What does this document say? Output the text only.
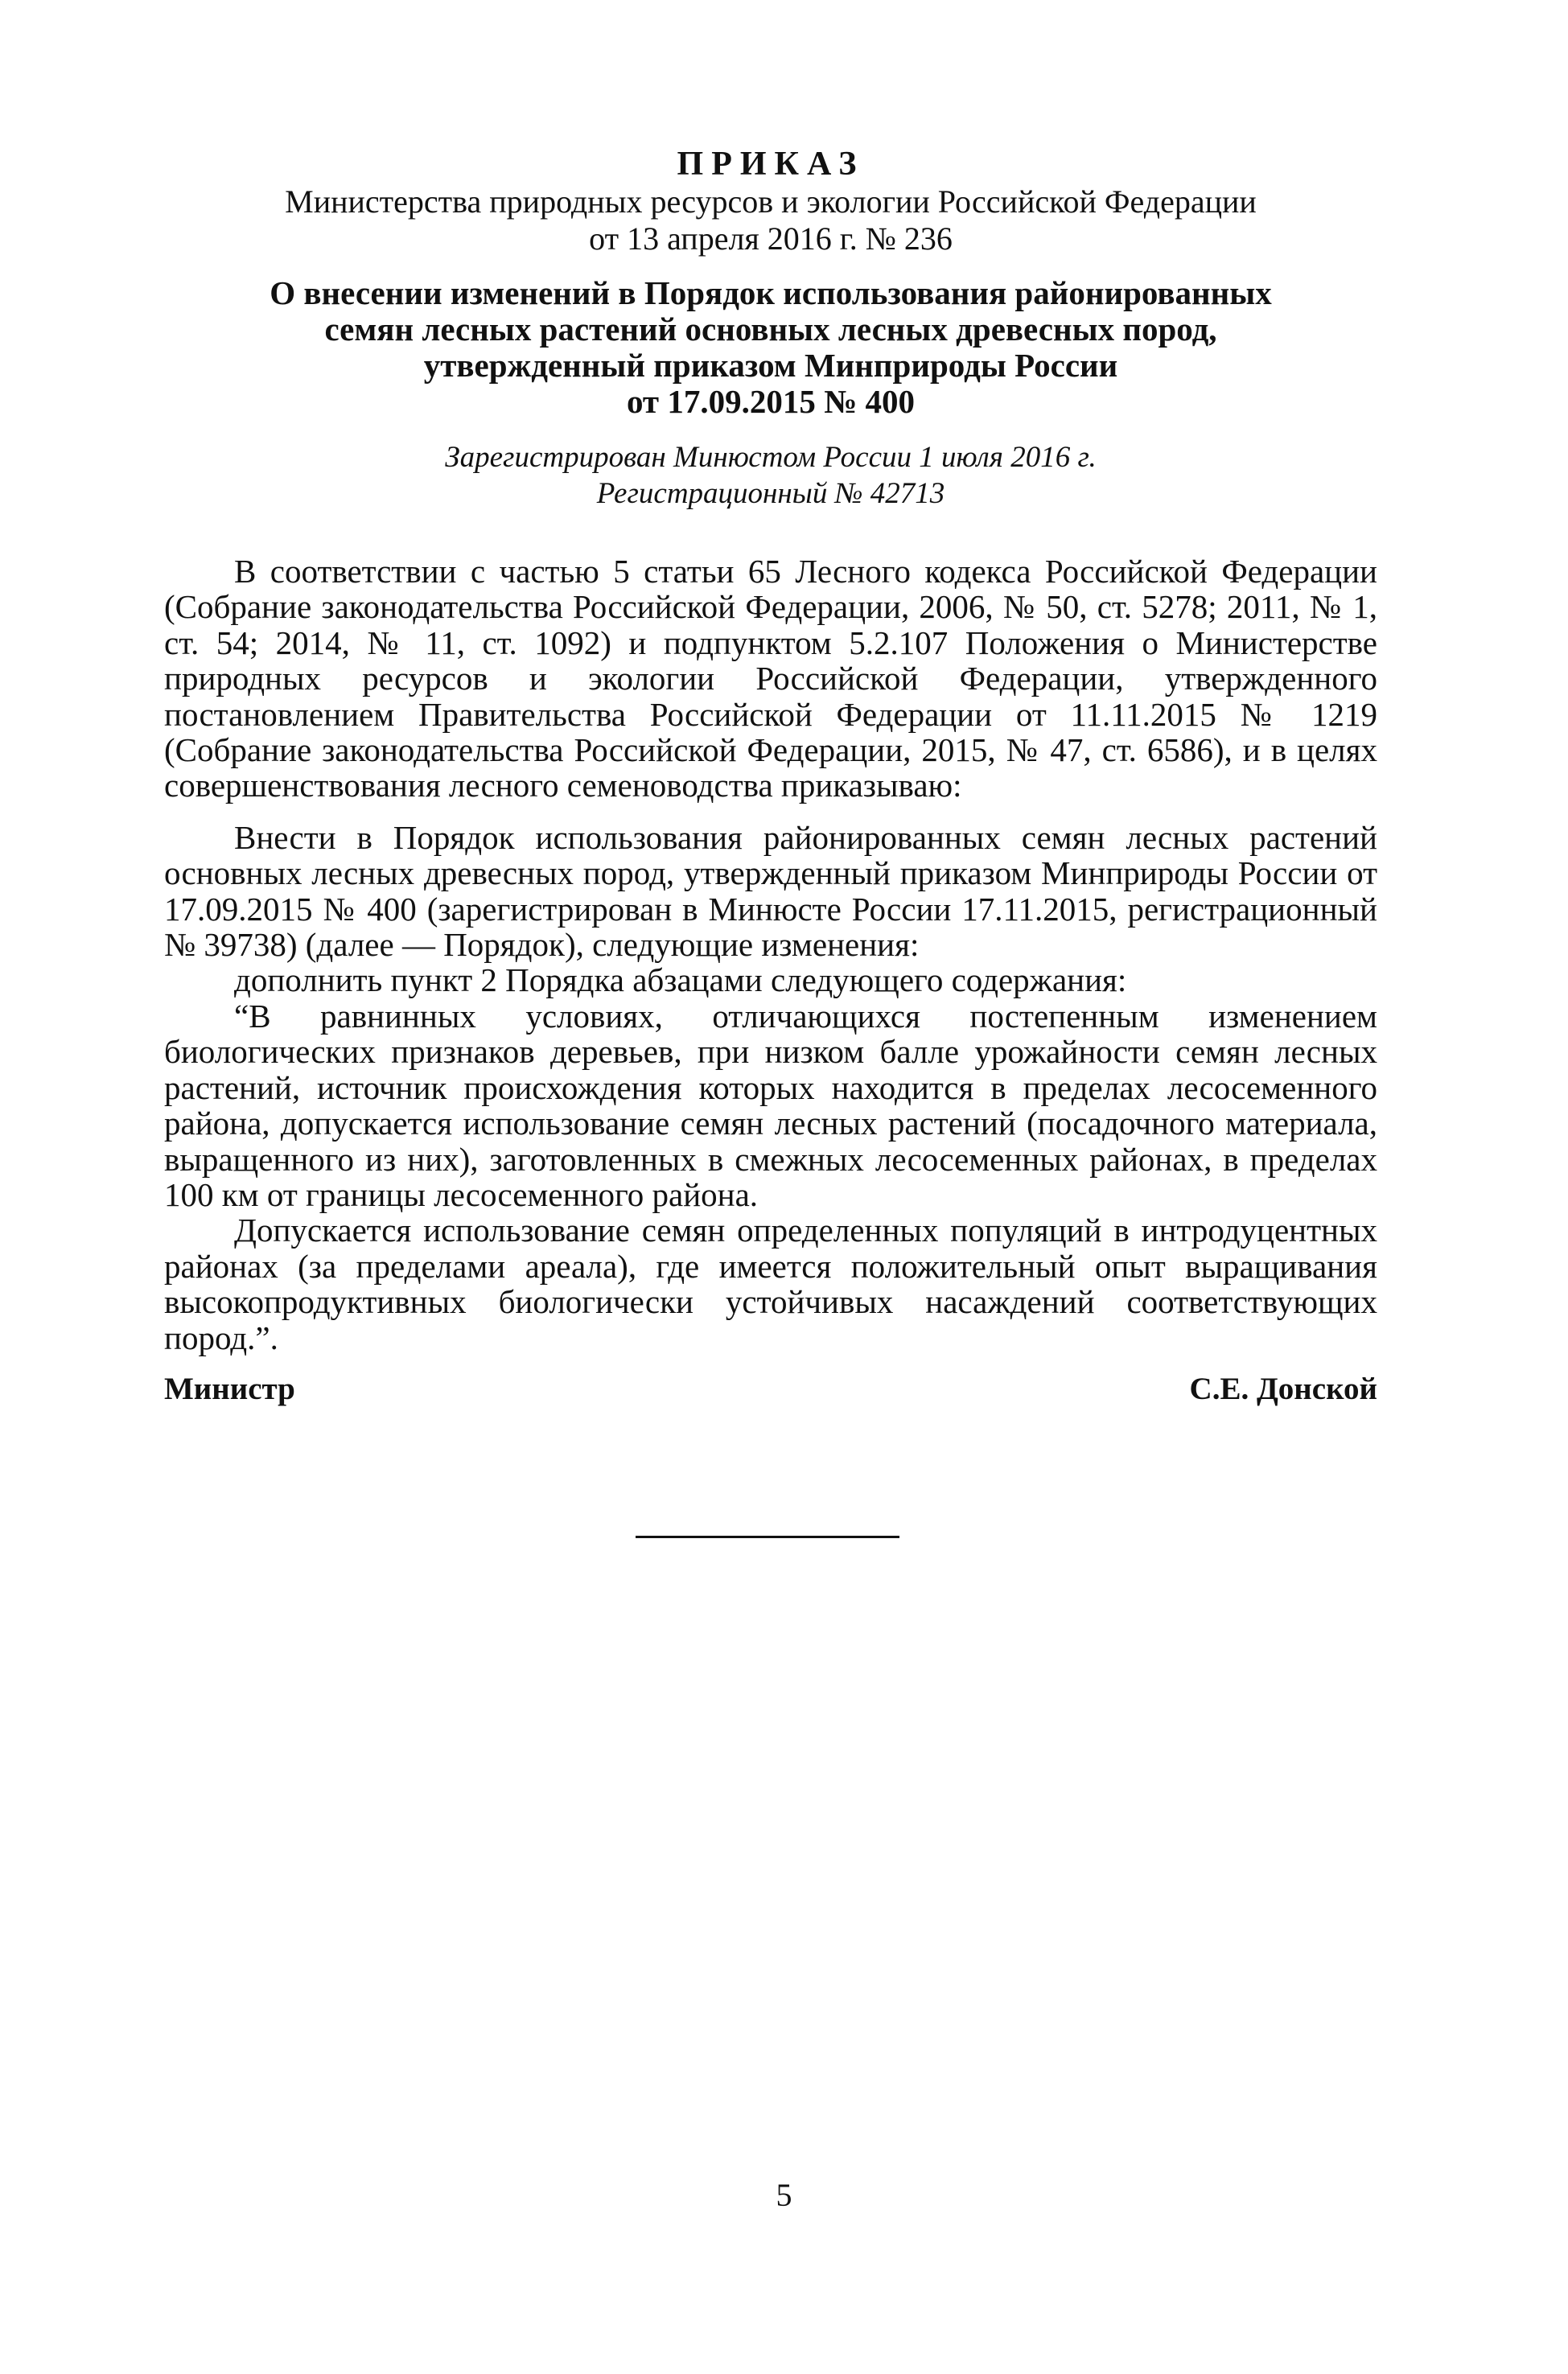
ПРИКАЗ

Министерства природных ресурсов и экологии Российской Федерации

от 13 апреля 2016 г. № 236

О внесении изменений в Порядок использования районированных
семян лесных растений основных лесных древесных пород,
утвержденный приказом Минприроды России
от 17.09.2015 № 400
Зарегистрирован Минюстом России 1 июля 2016 г.
Регистрационный № 42713

В соответствии с частью 5 статьи 65 Лесного кодекса Российской Федерации (Собрание законодательства Российской Федерации, 2006, № 50, ст. 5278; 2011, № 1, ст. 54; 2014, № 11, ст. 1092) и подпунктом 5.2.107 Положения о Министерстве природных ресурсов и экологии Российской Федерации, утвержденного постановлением Правительства Российской Федерации от 11.11.2015 № 1219 (Собрание законодательства Российской Федерации, 2015, № 47, ст. 6586), и в целях совершенствования лесного семеноводства приказываю:

Внести в Порядок использования районированных семян лесных растений основных лесных древесных пород, утвержденный приказом Минприроды России от 17.09.2015 № 400 (зарегистрирован в Минюсте России 17.11.2015, регистрационный № 39738) (далее — Порядок), следующие изменения:

дополнить пункт 2 Порядка абзацами следующего содержания:

“В равнинных условиях, отличающихся постепенным изменением биологических признаков деревьев, при низком балле урожайности семян лесных растений, источник происхождения которых находится в пределах лесосеменного района, допускается использование семян лесных растений (посадочного материала, выращенного из них), заготовленных в смежных лесосеменных районах, в пределах 100 км от границы лесосеменного района.

Допускается использование семян определенных популяций в интродуцентных районах (за пределами ареала), где имеется положительный опыт выращивания высокопродуктивных биологически устойчивых насаждений соответствующих пород.”.

Министр	С.Е. Донской
5
